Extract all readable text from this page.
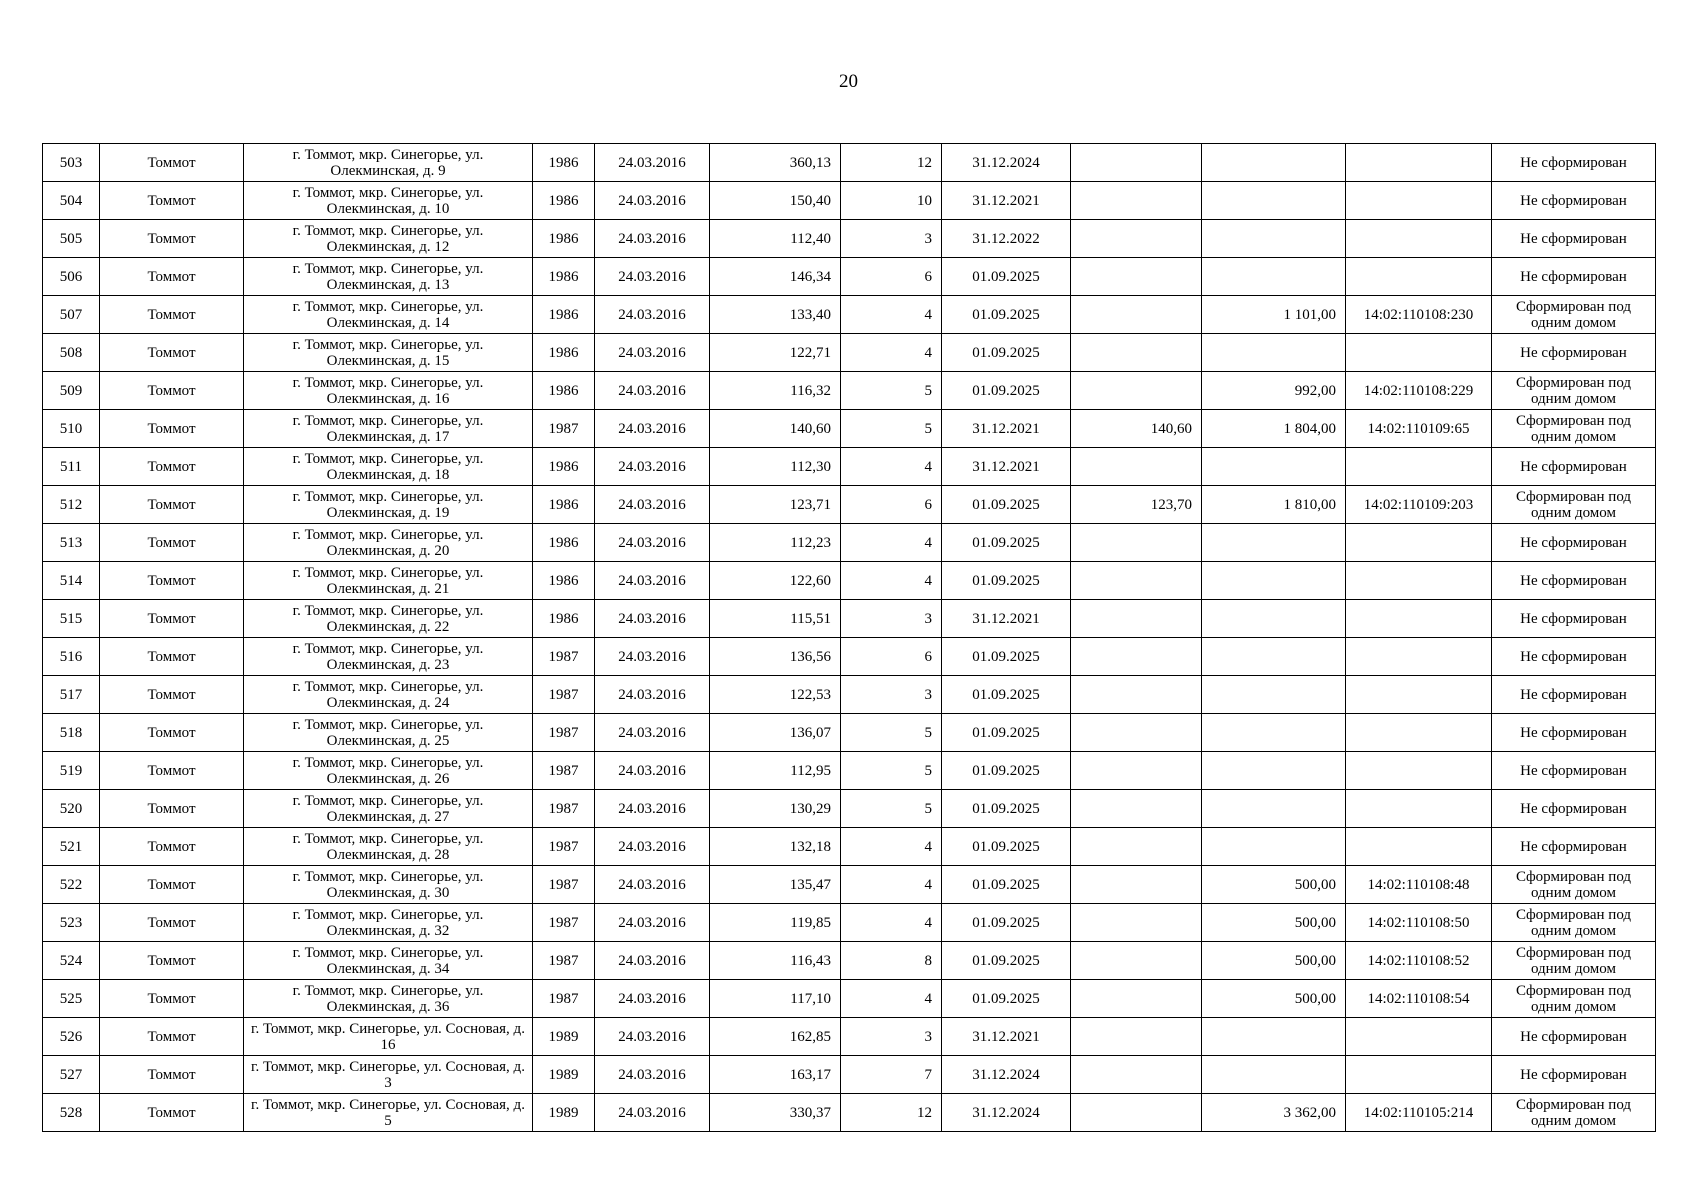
20
503	Томмот	г. Томмот, мкр. Синегорье, ул. Олекминская, д. 9	1986	24.03.2016	360,13	12	31.12.2024				Не сформирован
504	Томмот	г. Томмот, мкр. Синегорье, ул. Олекминская, д. 10	1986	24.03.2016	150,40	10	31.12.2021				Не сформирован
505	Томмот	г. Томмот, мкр. Синегорье, ул. Олекминская, д. 12	1986	24.03.2016	112,40	3	31.12.2022				Не сформирован
506	Томмот	г. Томмот, мкр. Синегорье, ул. Олекминская, д. 13	1986	24.03.2016	146,34	6	01.09.2025				Не сформирован
507	Томмот	г. Томмот, мкр. Синегорье, ул. Олекминская, д. 14	1986	24.03.2016	133,40	4	01.09.2025		1 101,00	14:02:110108:230	Сформирован под одним домом
508	Томмот	г. Томмот, мкр. Синегорье, ул. Олекминская, д. 15	1986	24.03.2016	122,71	4	01.09.2025				Не сформирован
509	Томмот	г. Томмот, мкр. Синегорье, ул. Олекминская, д. 16	1986	24.03.2016	116,32	5	01.09.2025		992,00	14:02:110108:229	Сформирован под одним домом
510	Томмот	г. Томмот, мкр. Синегорье, ул. Олекминская, д. 17	1987	24.03.2016	140,60	5	31.12.2021	140,60	1 804,00	14:02:110109:65	Сформирован под одним домом
511	Томмот	г. Томмот, мкр. Синегорье, ул. Олекминская, д. 18	1986	24.03.2016	112,30	4	31.12.2021				Не сформирован
512	Томмот	г. Томмот, мкр. Синегорье, ул. Олекминская, д. 19	1986	24.03.2016	123,71	6	01.09.2025	123,70	1 810,00	14:02:110109:203	Сформирован под одним домом
513	Томмот	г. Томмот, мкр. Синегорье, ул. Олекминская, д. 20	1986	24.03.2016	112,23	4	01.09.2025				Не сформирован
514	Томмот	г. Томмот, мкр. Синегорье, ул. Олекминская, д. 21	1986	24.03.2016	122,60	4	01.09.2025				Не сформирован
515	Томмот	г. Томмот, мкр. Синегорье, ул. Олекминская, д. 22	1986	24.03.2016	115,51	3	31.12.2021				Не сформирован
516	Томмот	г. Томмот, мкр. Синегорье, ул. Олекминская, д. 23	1987	24.03.2016	136,56	6	01.09.2025				Не сформирован
517	Томмот	г. Томмот, мкр. Синегорье, ул. Олекминская, д. 24	1987	24.03.2016	122,53	3	01.09.2025				Не сформирован
518	Томмот	г. Томмот, мкр. Синегорье, ул. Олекминская, д. 25	1987	24.03.2016	136,07	5	01.09.2025				Не сформирован
519	Томмот	г. Томмот, мкр. Синегорье, ул. Олекминская, д. 26	1987	24.03.2016	112,95	5	01.09.2025				Не сформирован
520	Томмот	г. Томмот, мкр. Синегорье, ул. Олекминская, д. 27	1987	24.03.2016	130,29	5	01.09.2025				Не сформирован
521	Томмот	г. Томмот, мкр. Синегорье, ул. Олекминская, д. 28	1987	24.03.2016	132,18	4	01.09.2025				Не сформирован
522	Томмот	г. Томмот, мкр. Синегорье, ул. Олекминская, д. 30	1987	24.03.2016	135,47	4	01.09.2025		500,00	14:02:110108:48	Сформирован под одним домом
523	Томмот	г. Томмот, мкр. Синегорье, ул. Олекминская, д. 32	1987	24.03.2016	119,85	4	01.09.2025		500,00	14:02:110108:50	Сформирован под одним домом
524	Томмот	г. Томмот, мкр. Синегорье, ул. Олекминская, д. 34	1987	24.03.2016	116,43	8	01.09.2025		500,00	14:02:110108:52	Сформирован под одним домом
525	Томмот	г. Томмот, мкр. Синегорье, ул. Олекминская, д. 36	1987	24.03.2016	117,10	4	01.09.2025		500,00	14:02:110108:54	Сформирован под одним домом
526	Томмот	г. Томмот, мкр. Синегорье, ул. Сосновая, д. 16	1989	24.03.2016	162,85	3	31.12.2021				Не сформирован
527	Томмот	г. Томмот, мкр. Синегорье, ул. Сосновая, д. 3	1989	24.03.2016	163,17	7	31.12.2024				Не сформирован
528	Томмот	г. Томмот, мкр. Синегорье, ул. Сосновая, д. 5	1989	24.03.2016	330,37	12	31.12.2024		3 362,00	14:02:110105:214	Сформирован под одним домом
